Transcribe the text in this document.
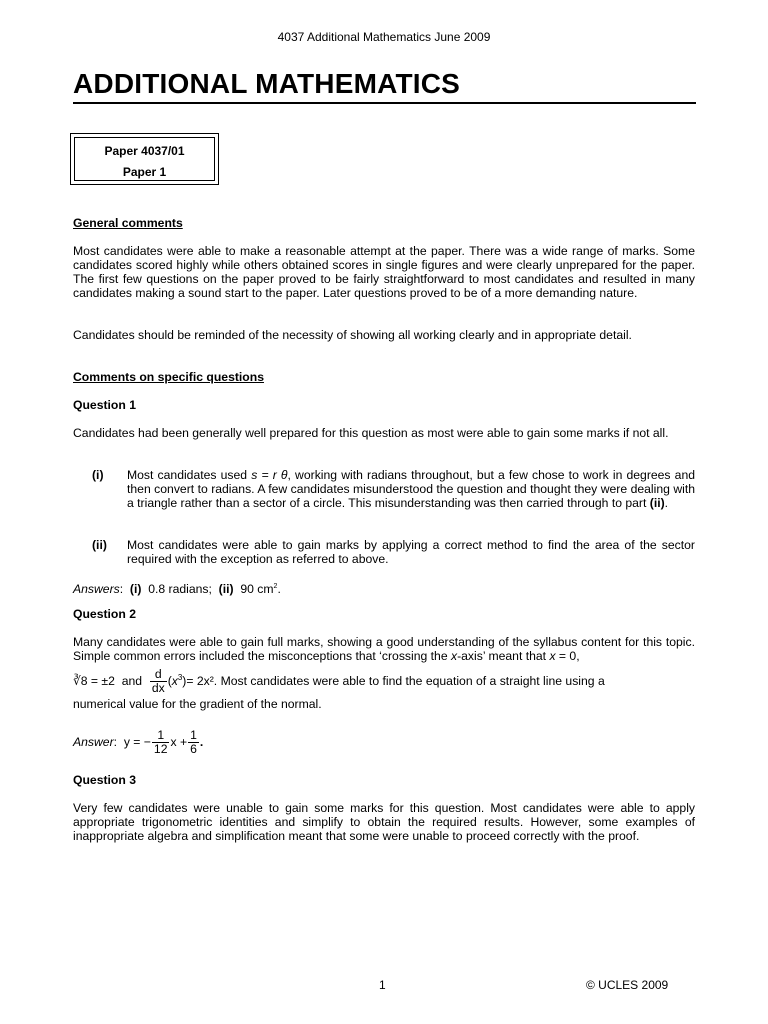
4037 Additional Mathematics June 2009
ADDITIONAL MATHEMATICS
Paper 4037/01
Paper 1
General comments
Most candidates were able to make a reasonable attempt at the paper. There was a wide range of marks. Some candidates scored highly while others obtained scores in single figures and were clearly unprepared for the paper. The first few questions on the paper proved to be fairly straightforward to most candidates and resulted in many candidates making a sound start to the paper. Later questions proved to be of a more demanding nature.
Candidates should be reminded of the necessity of showing all working clearly and in appropriate detail.
Comments on specific questions
Question 1
Candidates had been generally well prepared for this question as most were able to gain some marks if not all.
(i) Most candidates used s = r θ, working with radians throughout, but a few chose to work in degrees and then convert to radians. A few candidates misunderstood the question and thought they were dealing with a triangle rather than a sector of a circle. This misunderstanding was then carried through to part (ii).
(ii) Most candidates were able to gain marks by applying a correct method to find the area of the sector required with the exception as referred to above.
Answers:  (i) 0.8 radians; (ii) 90 $cm^2$.
Question 2
Many candidates were able to gain full marks, showing a good understanding of the syllabus content for this topic. Simple common errors included the misconceptions that ‘crossing the x-axis’ meant that x = 0,
∛8 = ±2 and $\frac{d}{dx} (x^3)= 2x^2$. Most candidates were able to find the equation of a straight line using a
numerical value for the gradient of the normal.
Answer:  y = − $\frac{1}{12}$ $x + \frac{1}{6}$ .
Question 3
Very few candidates were unable to gain some marks for this question. Most candidates were able to apply appropriate trigonometric identities and simplify to obtain the required results. However, some examples of inappropriate algebra and simplification meant that some were unable to proceed correctly with the proof.
1	© UCLES 2009
